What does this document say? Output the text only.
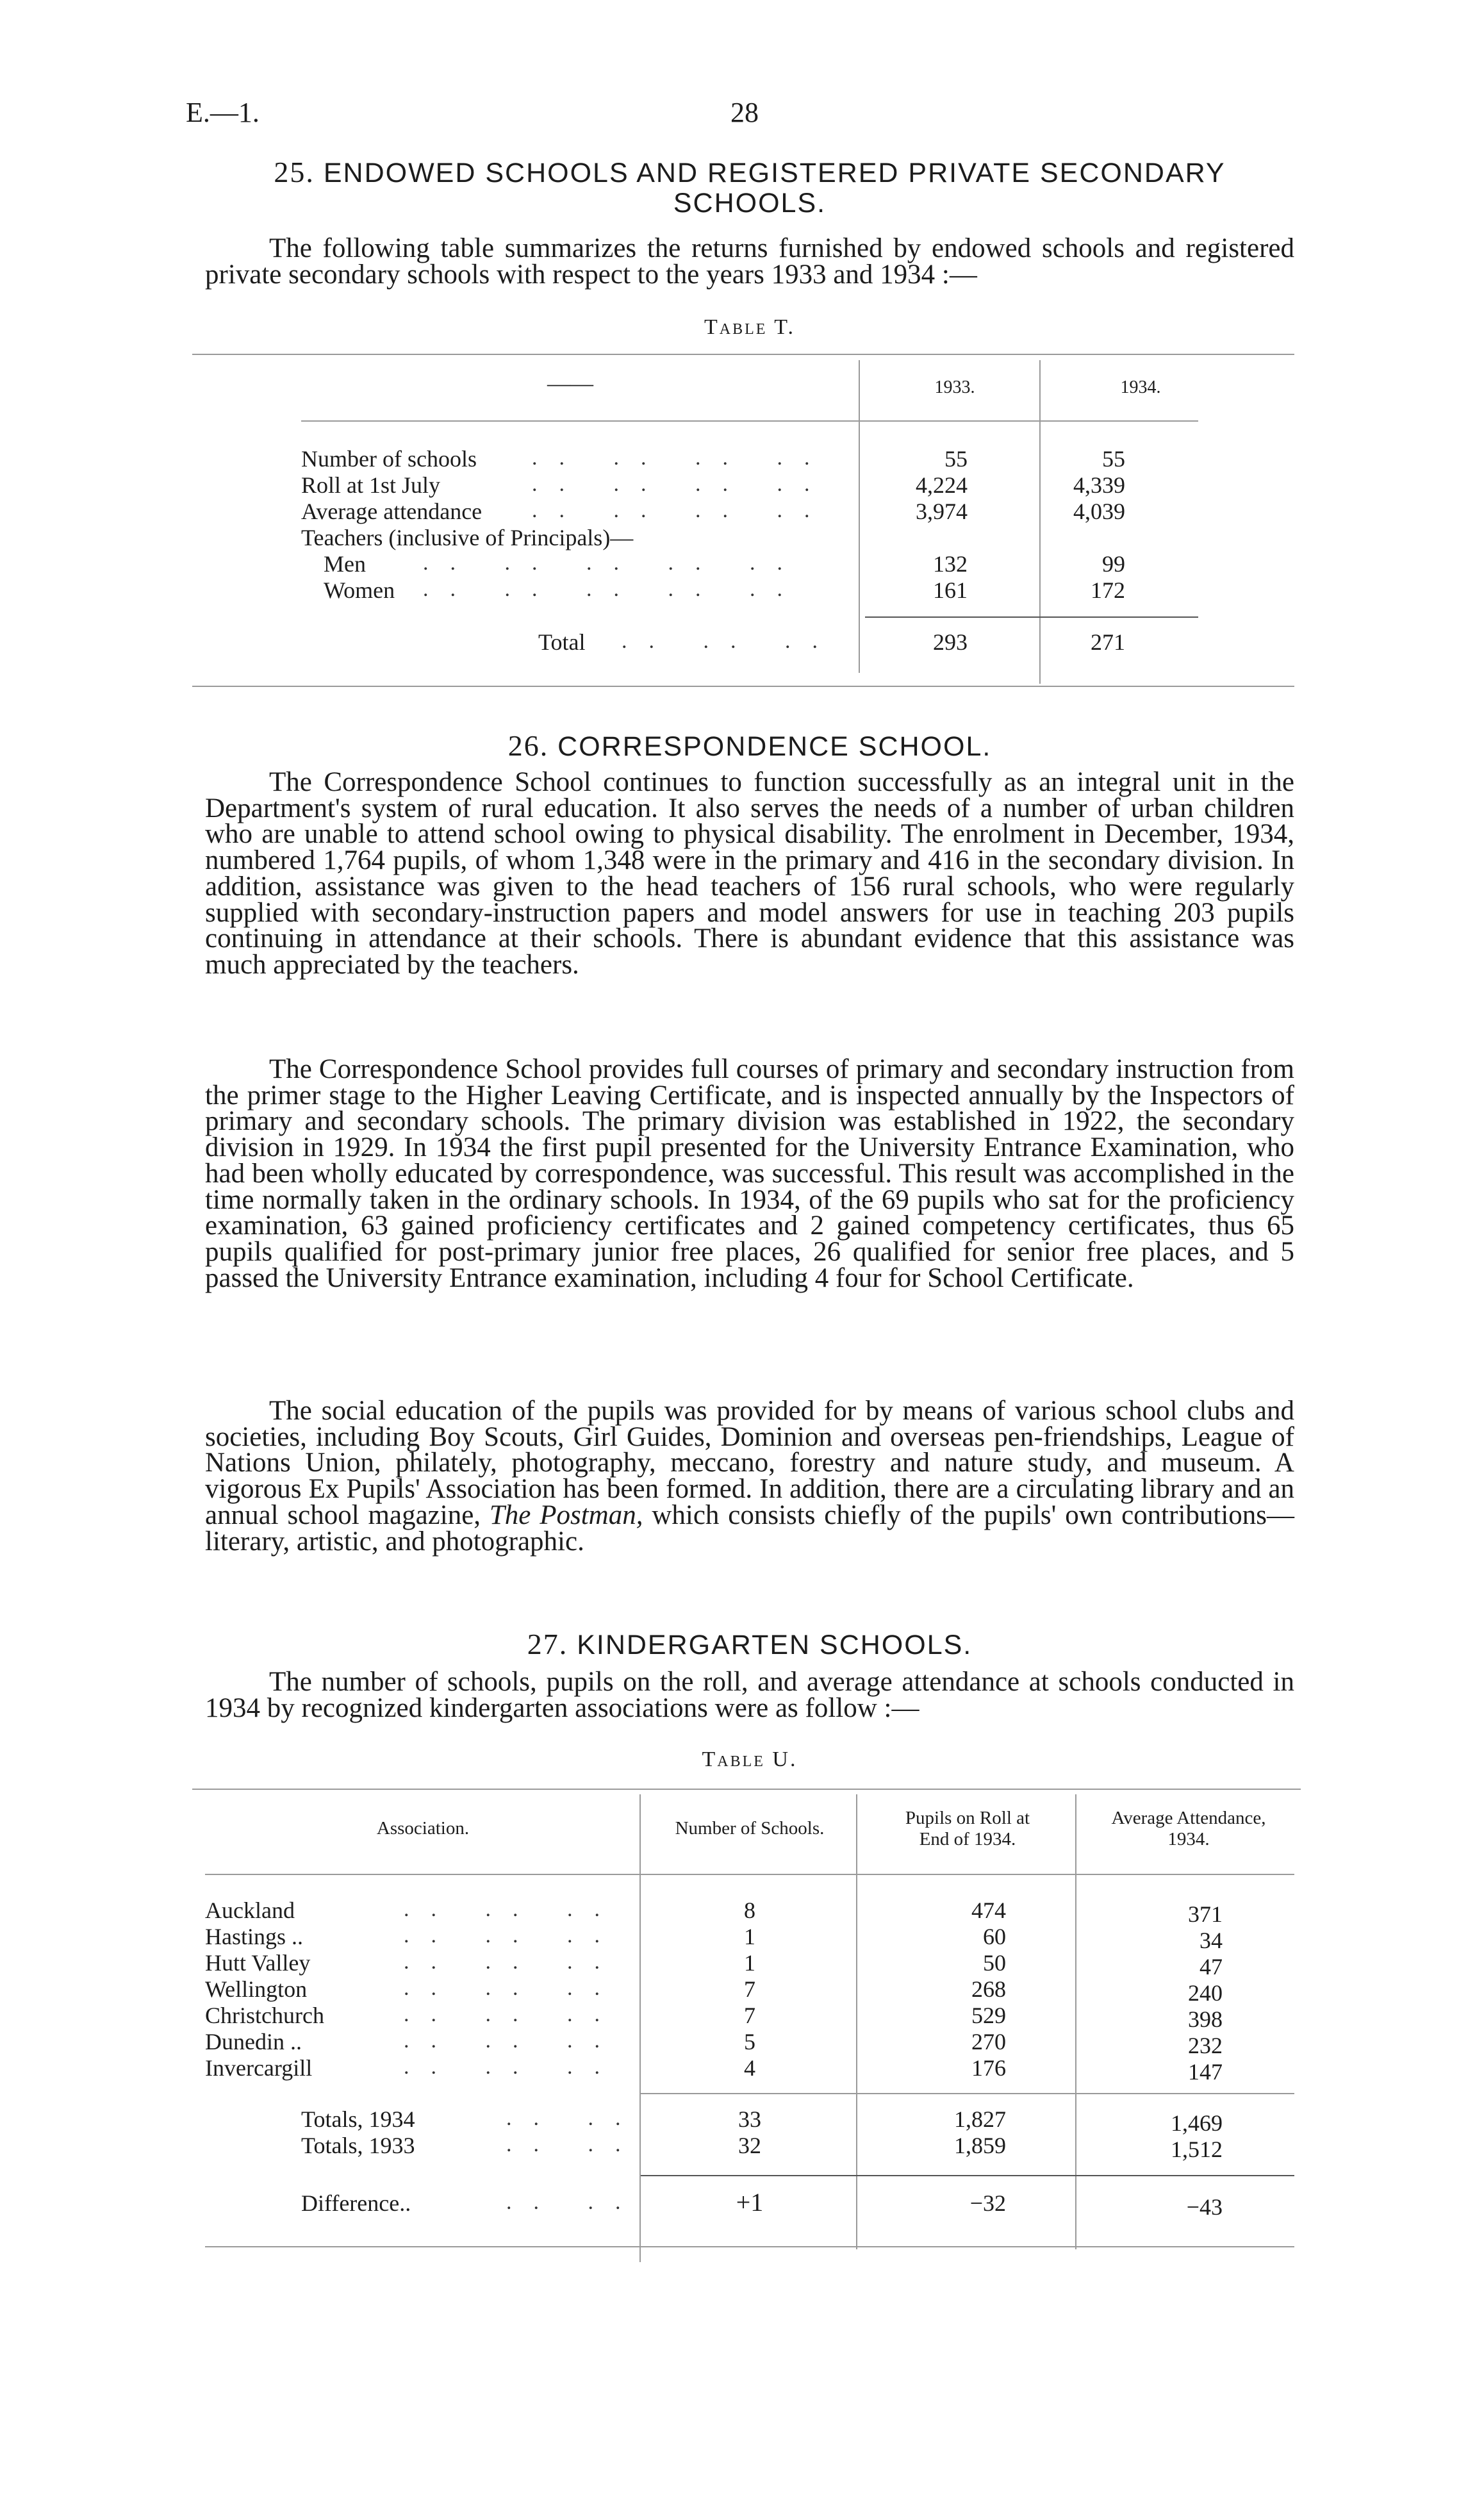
E.—1.	28
25. ENDOWED SCHOOLS AND REGISTERED PRIVATE SECONDARY
SCHOOLS.

The following table summarizes the returns furnished by endowed schools and registered private secondary schools with respect to the years 1933 and 1934 :—

Table T.
——	1933.	1934.
Number of schools	.. .. .. ..	55	55
Roll at 1st July	.. .. .. ..	4,224	4,339
Average attendance .. .. .. ..	3,974	4,039
Teachers (inclusive of Principals)—
Men	.. .. .. .. ..	132	99
Women .. .. .. .. ..	161	172
Total .. .. ..	293	271
26. CORRESPONDENCE SCHOOL.

The Correspondence School continues to function successfully as an integral unit in the Department's system of rural education. It also serves the needs of a number of urban children who are unable to attend school owing to physical disability. The enrolment in December, 1934, numbered 1,764 pupils, of whom 1,348 were in the primary and 416 in the secondary division. In addition, assistance was given to the head teachers of 156 rural schools, who were regularly supplied with secondary-instruction papers and model answers for use in teaching 203 pupils continuing in attendance at their schools. There is abundant evidence that this assistance was much appreciated by the teachers.

The Correspondence School provides full courses of primary and secondary instruction from the primer stage to the Higher Leaving Certificate, and is inspected annually by the Inspectors of primary and secondary schools. The primary division was established in 1922, the secondary division in 1929. In 1934 the first pupil presented for the University Entrance Examination, who had been wholly educated by correspondence, was successful. This result was accomplished in the time normally taken in the ordinary schools. In 1934, of the 69 pupils who sat for the proficiency examination, 63 gained proficiency certificates and 2 gained competency certificates, thus 65 pupils qualified for post-primary junior free places, 26 qualified for senior free places, and 5 passed the University Entrance examination, including 4 four for School Certificate.

The social education of the pupils was provided for by means of various school clubs and societies, including Boy Scouts, Girl Guides, Dominion and overseas pen-friendships, League of Nations Union, philately, photography, meccano, forestry and nature study, and museum. A vigorous Ex Pupils' Association has been formed. In addition, there are a circulating library and an annual school magazine, The Postman, which consists chiefly of the pupils' own contributions—literary, artistic, and photographic.

27. KINDERGARTEN SCHOOLS.

The number of schools, pupils on the roll, and average attendance at schools conducted in 1934 by recognized kindergarten associations were as follow :—

Table U.
Association.	Number of Schools.	Pupils on Roll at
End of 1934.
Average Attendance,
1934.
Auckland	.. .. ..	8	474	371
Hastings ..	.. .. ..	1	60	34
Hutt Valley	.. .. ..	1	50	47
Wellington	.. .. ..	7	268	240
Christchurch	.. .. ..	7	529	398
Dunedin ..	.. .. ..	5	270	232
Invercargill	.. .. ..	4	176	147
Totals, 1934	.. ..	33	1,827	1,469
Totals, 1933	.. ..	32	1,859	1,512
Difference..	.. ..	+1	−32	−43
